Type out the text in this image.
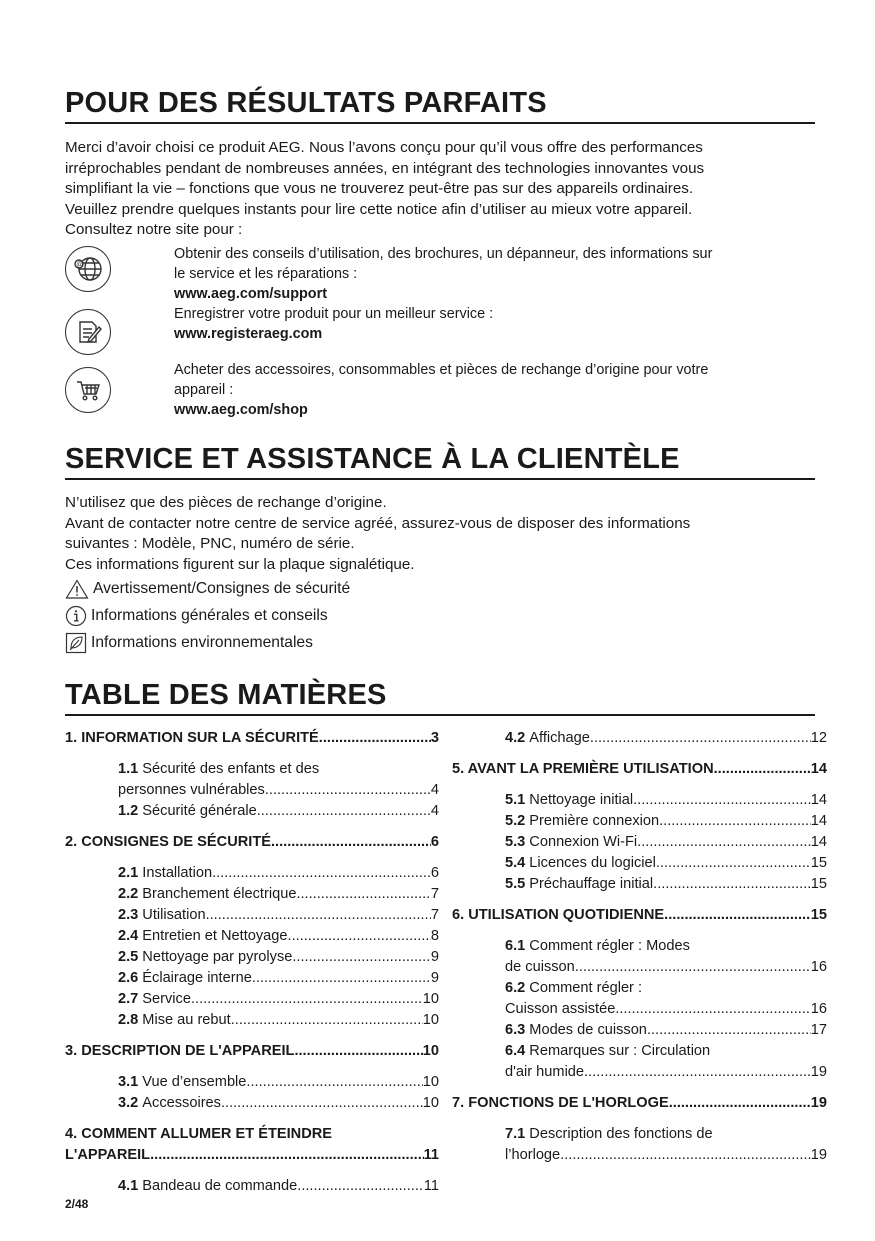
POUR DES RÉSULTATS PARFAITS
Merci d’avoir choisi ce produit AEG. Nous l’avons conçu pour qu’il vous offre des performances
irréprochables pendant de nombreuses années, en intégrant des technologies innovantes vous
simplifiant la vie – fonctions que vous ne trouverez peut-être pas sur des appareils ordinaires.
Veuillez prendre quelques instants pour lire cette notice afin d’utiliser au mieux votre appareil.
Consultez notre site pour :
@
Obtenir des conseils d’utilisation, des brochures, un dépanneur, des informations sur
le service et les réparations :
www.aeg.com/support
Enregistrer votre produit pour un meilleur service :
www.registeraeg.com
Acheter des accessoires, consommables et pièces de rechange d’origine pour votre
appareil :
www.aeg.com/shop
SERVICE ET ASSISTANCE À LA CLIENTÈLE
N’utilisez que des pièces de rechange d’origine.
Avant de contacter notre centre de service agréé, assurez-vous de disposer des informations
suivantes : Modèle, PNC, numéro de série.
Ces informations figurent sur la plaque signalétique.
Avertissement/Consignes de sécurité
Informations générales et conseils
Informations environnementales
TABLE DES MATIÈRES
1. INFORMATION SUR LA SÉCURITÉ .....	3
1.1 Sécurité des enfants et des
personnes vulnérables .....	4
1.2 Sécurité générale .....	4
2. CONSIGNES DE SÉCURITÉ .....	6
2.1 Installation .....	6
2.2 Branchement électrique .....	7
2.3 Utilisation .....	7
2.4 Entretien et Nettoyage .....	8
2.5 Nettoyage par pyrolyse .....	9
2.6 Éclairage interne .....	9
2.7 Service .....	10
2.8 Mise au rebut .....	10
3. DESCRIPTION DE L'APPAREIL .....	10
3.1 Vue d’ensemble .....	10
3.2 Accessoires .....	10
4. COMMENT ALLUMER ET ÉTEINDRE
L'APPAREIL .....	11
4.1 Bandeau de commande .....	11
4.2 Affichage .....	12
5. AVANT LA PREMIÈRE UTILISATION .....	14
5.1 Nettoyage initial .....	14
5.2 Première connexion .....	14
5.3 Connexion Wi-Fi .....	14
5.4 Licences du logiciel .....	15
5.5 Préchauffage initial .....	15
6. UTILISATION QUOTIDIENNE .....	15
6.1 Comment régler : Modes
de cuisson .....	16
6.2 Comment régler :
Cuisson assistée .....	16
6.3 Modes de cuisson .....	17
6.4 Remarques sur : Circulation
d'air humide .....	19
7. FONCTIONS DE L'HORLOGE .....	19
7.1 Description des fonctions de
l’horloge .....	19
2/48
